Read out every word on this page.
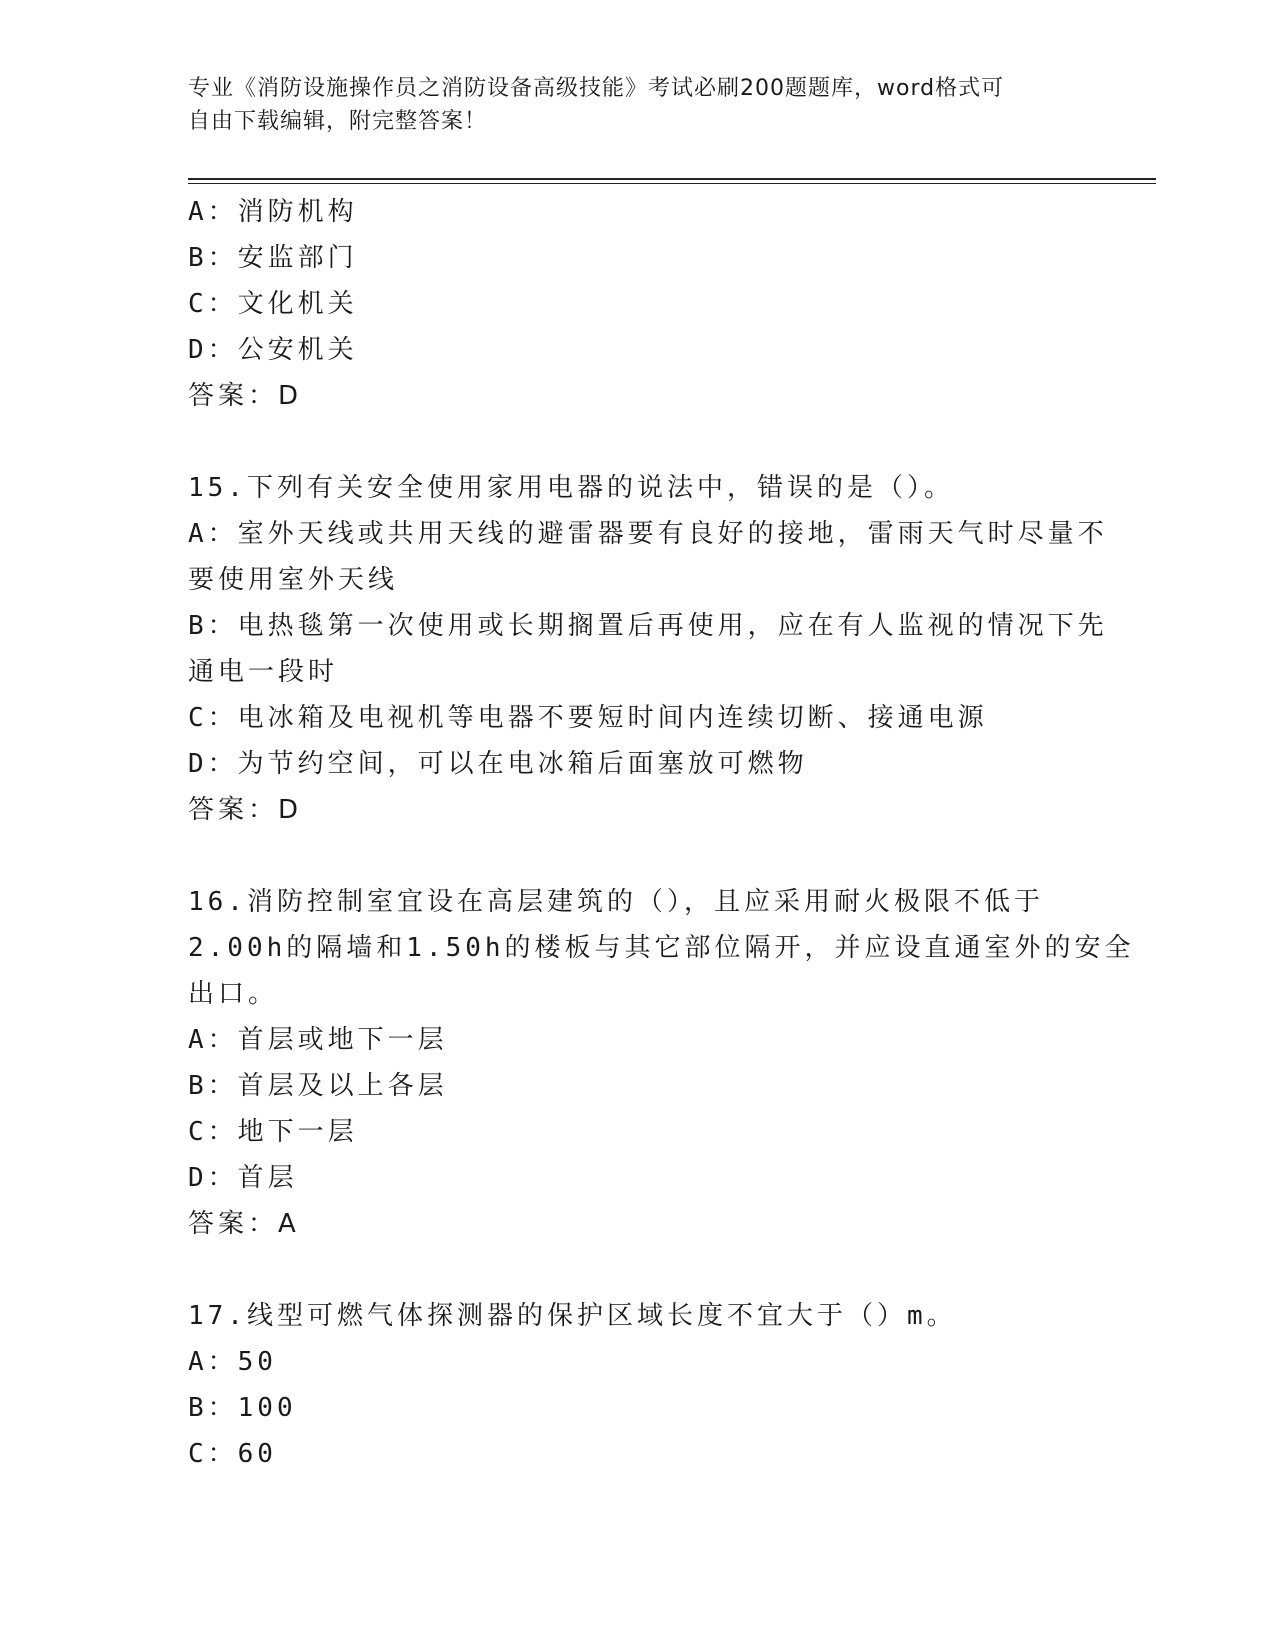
专业《消防设施操作员之消防设备高级技能》考试必刷200题题库，word格式可
自由下载编辑，附完整答案！
A：消防机构
B：安监部门
C：文化机关
D：公安机关
答案：D
15.下列有关安全使用家用电器的说法中，错误的是（）。
A：室外天线或共用天线的避雷器要有良好的接地，雷雨天气时尽量不
要使用室外天线
B：电热毯第一次使用或长期搁置后再使用，应在有人监视的情况下先
通电一段时
C：电冰箱及电视机等电器不要短时间内连续切断、接通电源
D：为节约空间，可以在电冰箱后面塞放可燃物
答案：D
16.消防控制室宜设在高层建筑的（），且应采用耐火极限不低于
2.00h的隔墙和1.50h的楼板与其它部位隔开，并应设直通室外的安全
出口。
A：首层或地下一层
B：首层及以上各层
C：地下一层
D：首层
答案：A
17.线型可燃气体探测器的保护区域长度不宜大于（）m。
A：50
B：100
C：60
